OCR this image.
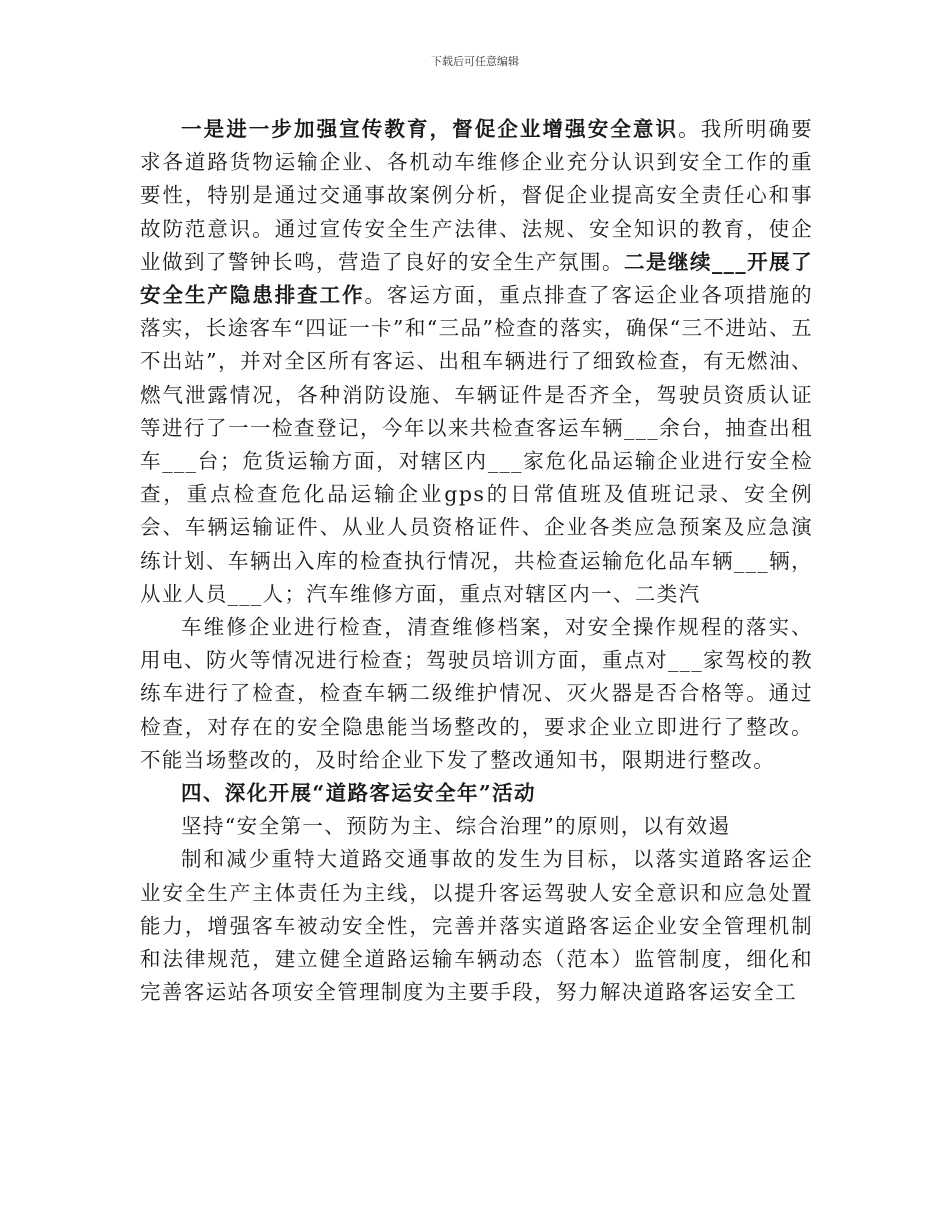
下载后可任意编辑

一是进一步加强宣传教育，督促企业增强安全意识。我所明确要求各道路货物运输企业、各机动车维修企业充分认识到安全工作的重要性，特别是通过交通事故案例分析，督促企业提高安全责任心和事故防范意识。通过宣传安全生产法律、法规、安全知识的教育，使企业做到了警钟长鸣，营造了良好的安全生产氛围。二是继续___开展了安全生产隐患排查工作。客运方面，重点排查了客运企业各项措施的落实，长途客车“四证一卡”和“三品”检查的落实，确保“三不进站、五不出站”，并对全区所有客运、出租车辆进行了细致检查，有无燃油、燃气泄露情况，各种消防设施、车辆证件是否齐全，驾驶员资质认证等进行了一一检查登记，今年以来共检查客运车辆___余台，抽查出租车___台；危货运输方面，对辖区内___家危化品运输企业进行安全检查，重点检查危化品运输企业gps的日常值班及值班记录、安全例会、车辆运输证件、从业人员资格证件、企业各类应急预案及应急演练计划、车辆出入库的检查执行情况，共检查运输危化品车辆___辆，从业人员___人；汽车维修方面，重点对辖区内一、二类汽

车维修企业进行检查，清查维修档案，对安全操作规程的落实、用电、防火等情况进行检查；驾驶员培训方面，重点对___家驾校的教练车进行了检查，检查车辆二级维护情况、灭火器是否合格等。通过检查，对存在的安全隐患能当场整改的，要求企业立即进行了整改。不能当场整改的，及时给企业下发了整改通知书，限期进行整改。

四、深化开展“道路客运安全年”活动

坚持“安全第一、预防为主、综合治理”的原则，以有效遏

制和减少重特大道路交通事故的发生为目标，以落实道路客运企业安全生产主体责任为主线，以提升客运驾驶人安全意识和应急处置能力，增强客车被动安全性，完善并落实道路客运企业安全管理机制和法律规范，建立健全道路运输车辆动态（范本）监管制度，细化和完善客运站各项安全管理制度为主要手段，努力解决道路客运安全工
